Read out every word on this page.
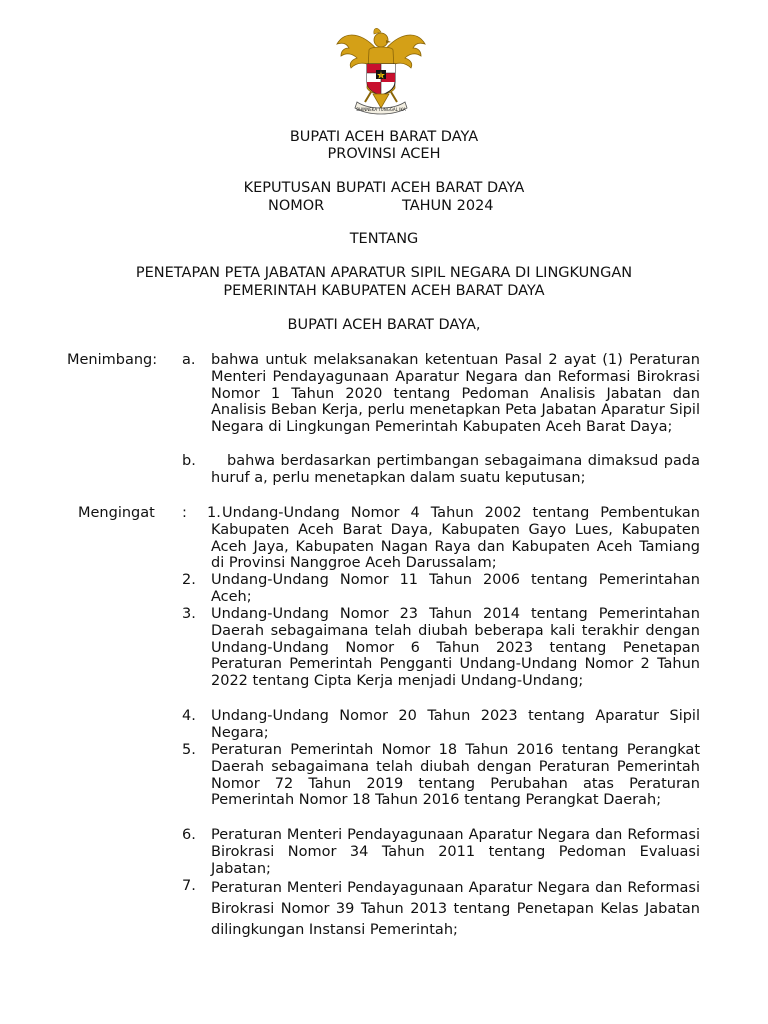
BHINNEKA TUNGGAL IKA
BUPATI ACEH BARAT DAYA
PROVINSI ACEH
KEPUTUSAN BUPATI ACEH BARAT DAYA
NOMOR	TAHUN 2024
TENTANG
PENETAPAN PETA JABATAN APARATUR SIPIL NEGARA DI LINGKUNGAN
PEMERINTAH KABUPATEN ACEH BARAT DAYA
BUPATI ACEH BARAT DAYA,
Menimbang: a. bahwa untuk melaksanakan ketentuan Pasal 2 ayat (1) Peraturan Menteri Pendayagunaan Aparatur Negara dan Reformasi Birokrasi Nomor 1 Tahun 2020 tentang Pedoman Analisis Jabatan dan Analisis Beban Kerja, perlu menetapkan Peta Jabatan Aparatur Sipil Negara di Lingkungan Pemerintah Kabupaten Aceh Barat Daya;
b.	bahwa berdasarkan pertimbangan sebagaimana dimaksud pada huruf a, perlu menetapkan dalam suatu keputusan;
Mengingat : 1. Undang-Undang Nomor 4 Tahun 2002 tentang Pembentukan Kabupaten Aceh Barat Daya, Kabupaten Gayo Lues, Kabupaten Aceh Jaya, Kabupaten Nagan Raya dan Kabupaten Aceh Tamiang di Provinsi Nanggroe Aceh Darussalam;
2. Undang-Undang Nomor 11 Tahun 2006 tentang Pemerintahan Aceh;
3. Undang-Undang Nomor 23 Tahun 2014 tentang Pemerintahan Daerah sebagaimana telah diubah beberapa kali terakhir dengan Undang-Undang Nomor 6 Tahun 2023 tentang Penetapan Peraturan Pemerintah Pengganti Undang-Undang Nomor 2 Tahun 2022 tentang Cipta Kerja menjadi Undang-Undang;
4. Undang-Undang Nomor 20 Tahun 2023 tentang Aparatur Sipil Negara;
5. Peraturan Pemerintah Nomor 18 Tahun 2016 tentang Perangkat Daerah sebagaimana telah diubah dengan Peraturan Pemerintah Nomor 72 Tahun 2019 tentang Perubahan atas Peraturan Pemerintah Nomor 18 Tahun 2016 tentang Perangkat Daerah;
6. Peraturan Menteri Pendayagunaan Aparatur Negara dan Reformasi Birokrasi Nomor 34 Tahun 2011 tentang Pedoman Evaluasi Jabatan;
7. Peraturan Menteri Pendayagunaan Aparatur Negara dan Reformasi Birokrasi Nomor 39 Tahun 2013 tentang Penetapan Kelas Jabatan dilingkungan Instansi Pemerintah;
